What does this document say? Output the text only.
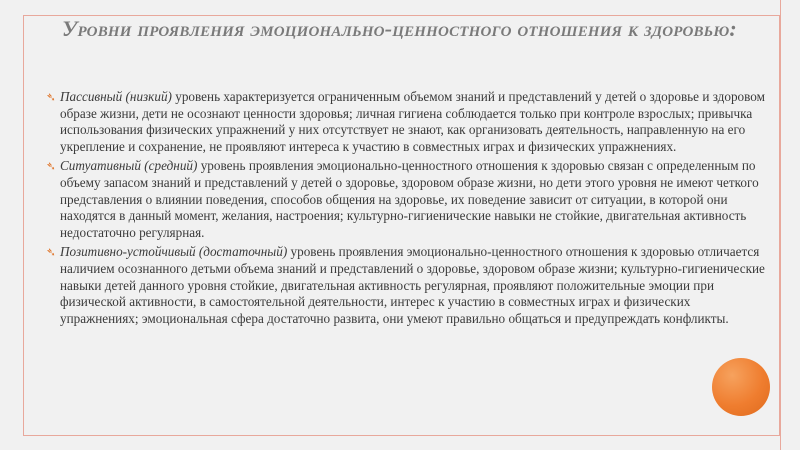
Уровни проявления эмоционально-ценностного отношения к здоровью:

➴ Пассивный (низкий) уровень характеризуется ограниченным объемом знаний и представлений у детей о здоровье и здоровом образе жизни, дети не осознают ценности здоровья; личная гигиена соблюдается только при контроле взрослых; привычка использования физических упражнений у них отсутствует не знают, как организовать деятельность, направленную на его укрепление и сохранение, не проявляют интереса к участию в совместных играх и физических упражнениях.

➴ Ситуативный (средний) уровень проявления эмоционально-ценностного отношения к здоровью связан с определенным по объему запасом знаний и представлений у детей о здоровье, здоровом образе жизни, но дети этого уровня не имеют четкого представления о влиянии поведения, способов общения на здоровье, их поведение зависит от ситуации, в которой они находятся в данный момент, желания, настроения; культурно-гигиенические навыки не стойкие, двигательная активность недостаточно регулярная.

➴ Позитивно-устойчивый (достаточный) уровень проявления эмоционально-ценностного отношения к здоровью отличается наличием осознанного детьми объема знаний и представлений о здоровье, здоровом образе жизни; культурно-гигиенические навыки детей данного уровня стойкие, двигательная активность регулярная, проявляют положительные эмоции при физической активности, в самостоятельной деятельности, интерес к участию в совместных играх и физических упражнениях; эмоциональная сфера достаточно развита, они умеют правильно общаться и предупреждать конфликты.
